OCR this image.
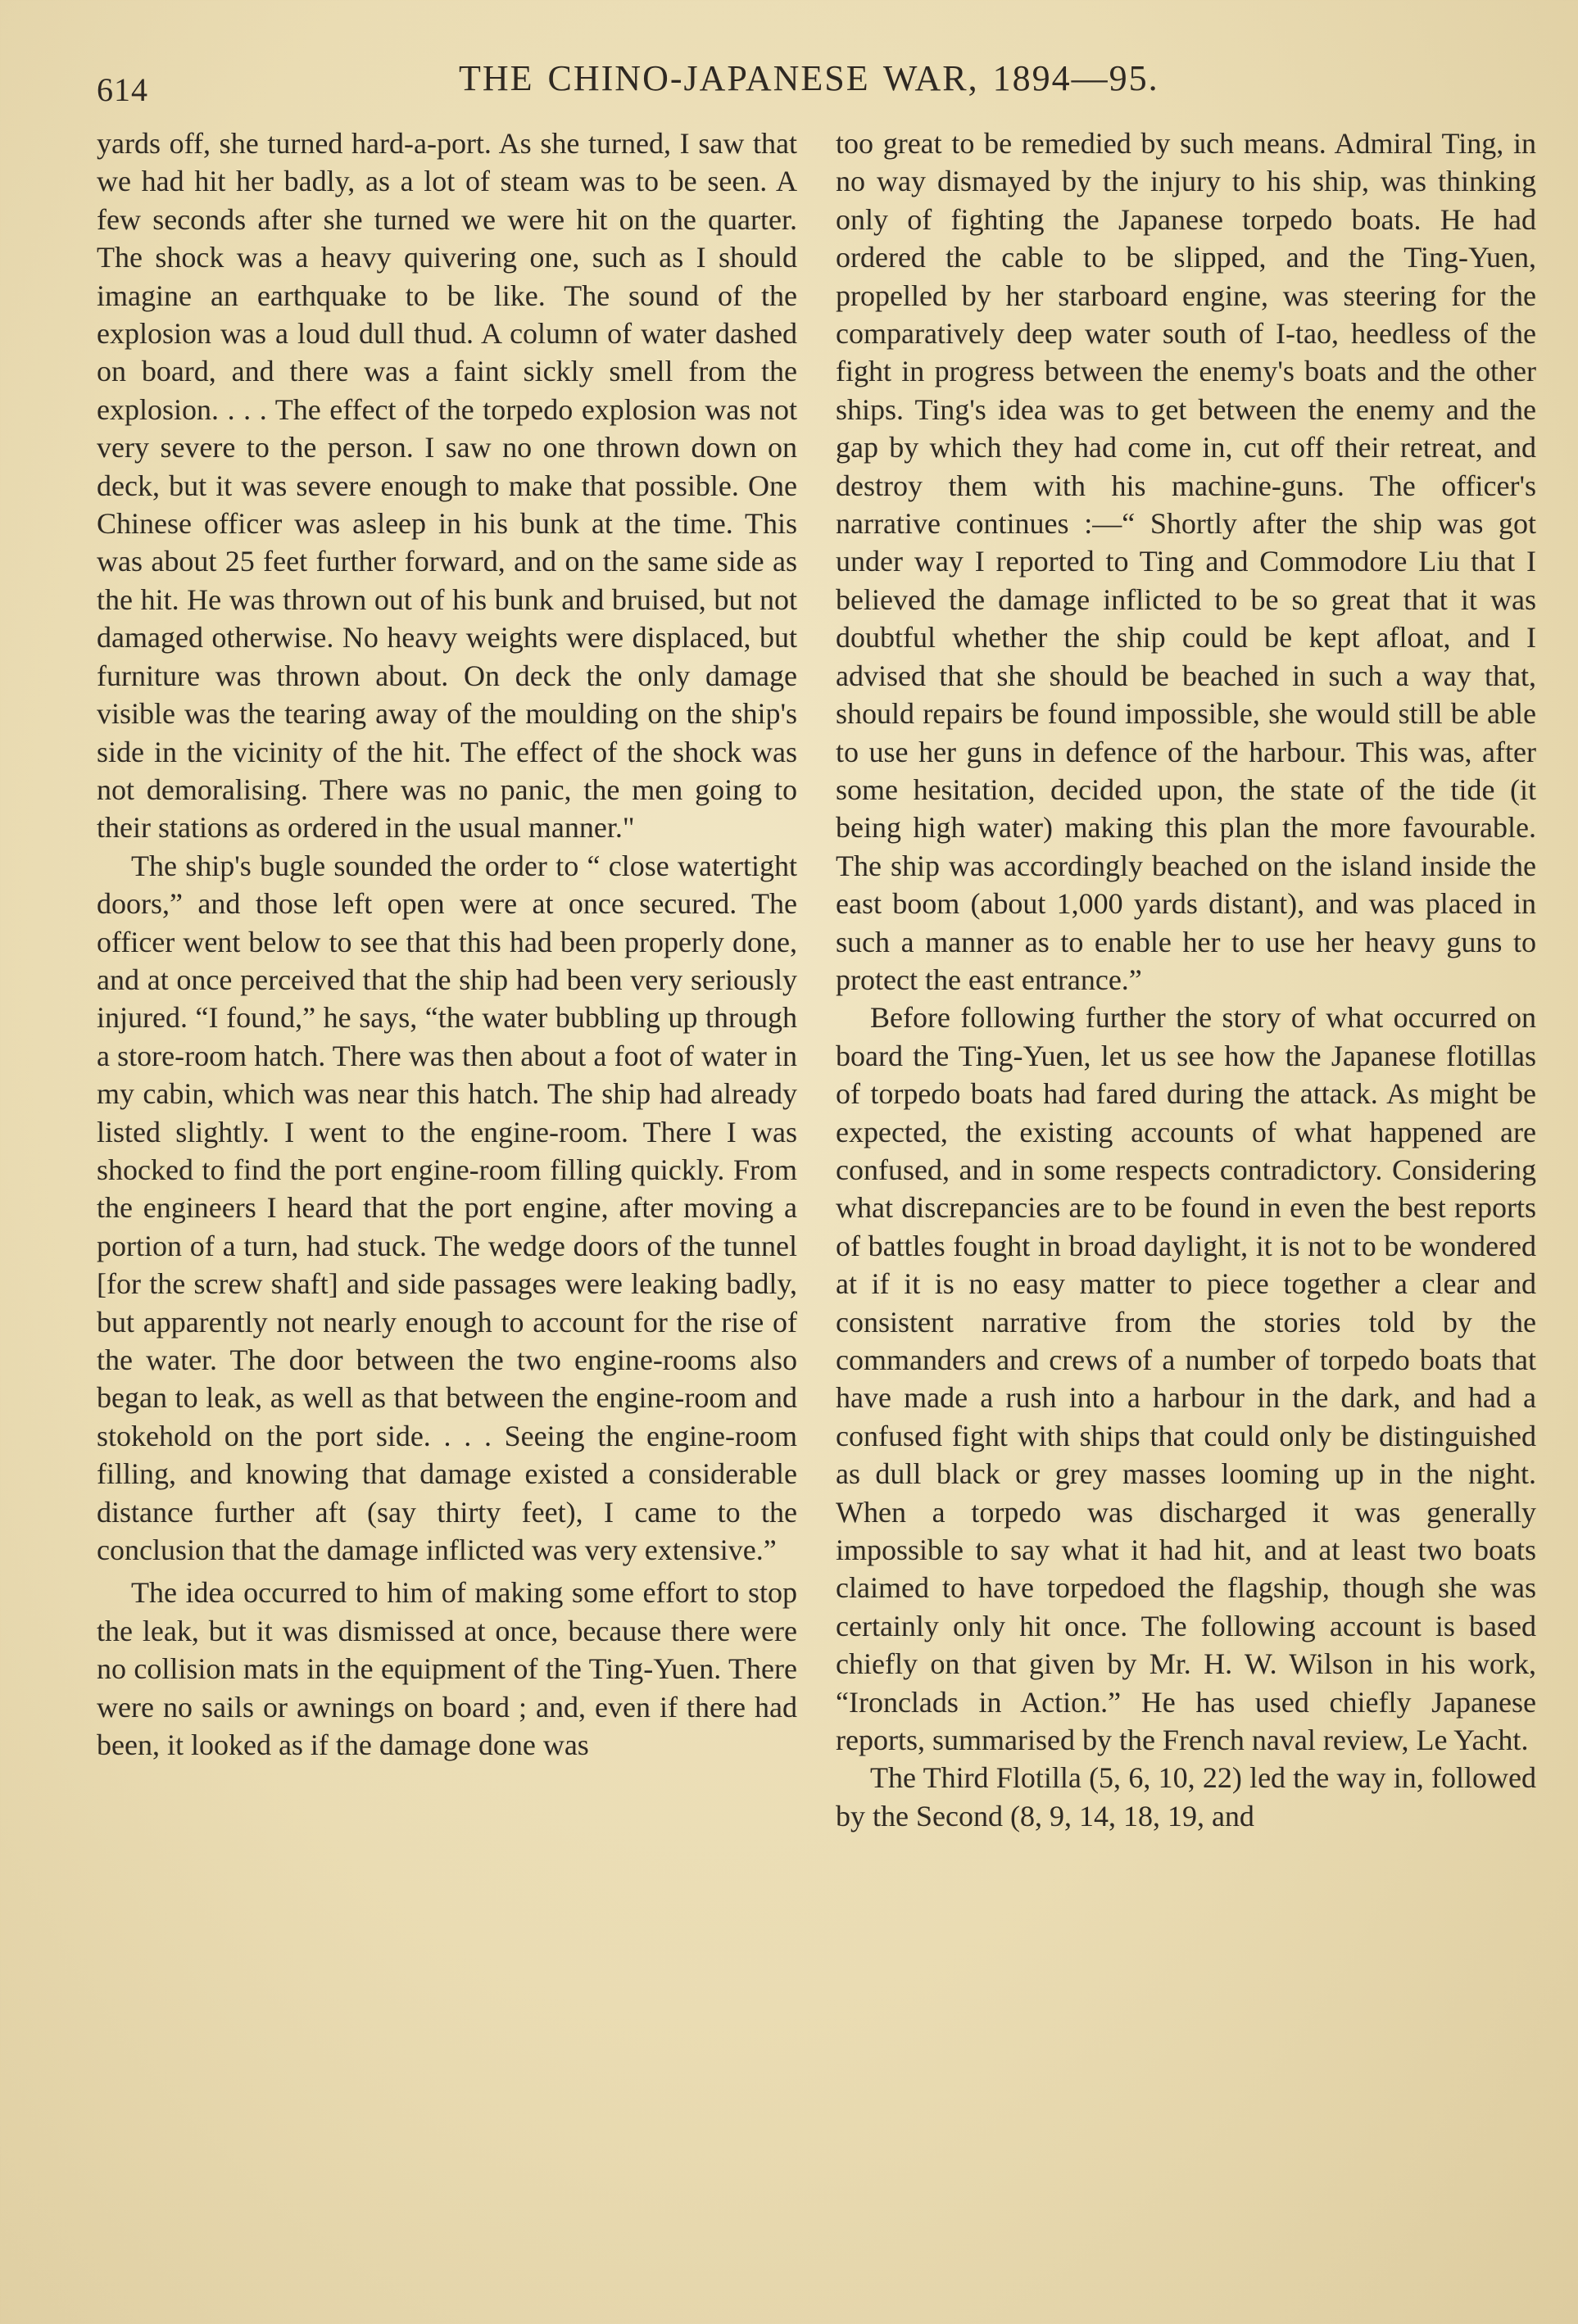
614	THE CHINO-JAPANESE WAR, 1894—95.

yards off, she turned hard-a-port. As she turned, I saw that we had hit her badly, as a lot of steam was to be seen. A few seconds after she turned we were hit on the quarter. The shock was a heavy quivering one, such as I should imagine an earthquake to be like. The sound of the explosion was a loud dull thud. A column of water dashed on board, and there was a faint sickly smell from the explosion. . . . The effect of the torpedo explosion was not very severe to the person. I saw no one thrown down on deck, but it was severe enough to make that possible. One Chinese officer was asleep in his bunk at the time. This was about 25 feet further forward, and on the same side as the hit. He was thrown out of his bunk and bruised, but not damaged otherwise. No heavy weights were displaced, but furniture was thrown about. On deck the only damage visible was the tearing away of the moulding on the ship's side in the vicinity of the hit. The effect of the shock was not demoralising. There was no panic, the men going to their stations as ordered in the usual manner."

The ship's bugle sounded the order to “ close watertight doors,” and those left open were at once secured. The officer went below to see that this had been properly done, and at once perceived that the ship had been very seriously injured. “I found,” he says, “the water bubbling up through a store-room hatch. There was then about a foot of water in my cabin, which was near this hatch. The ship had already listed slightly. I went to the engine-room. There I was shocked to find the port engine-room filling quickly. From the engineers I heard that the port engine, after moving a portion of a turn, had stuck. The wedge doors of the tunnel [for the screw shaft] and side passages were leaking badly, but apparently not nearly enough to account for the rise of the water. The door between the two engine-rooms also began to leak, as well as that between the engine-room and stokehold on the port side. . . . Seeing the engine-room filling, and knowing that damage existed a considerable distance further aft (say thirty feet), I came to the conclusion that the damage inflicted was very extensive.”

The idea occurred to him of making some effort to stop the leak, but it was dismissed at once, because there were no collision mats in the equipment of the Ting-Yuen. There were no sails or awnings on board ; and, even if there had been, it looked as if the damage done was

too great to be remedied by such means. Admiral Ting, in no way dismayed by the injury to his ship, was thinking only of fighting the Japanese torpedo boats. He had ordered the cable to be slipped, and the Ting-Yuen, propelled by her starboard engine, was steering for the comparatively deep water south of I-tao, heedless of the fight in progress between the enemy's boats and the other ships. Ting's idea was to get between the enemy and the gap by which they had come in, cut off their retreat, and destroy them with his machine-guns. The officer's narrative continues :—“ Shortly after the ship was got under way I reported to Ting and Commodore Liu that I believed the damage inflicted to be so great that it was doubtful whether the ship could be kept afloat, and I advised that she should be beached in such a way that, should repairs be found impossible, she would still be able to use her guns in defence of the harbour. This was, after some hesitation, decided upon, the state of the tide (it being high water) making this plan the more favourable. The ship was accordingly beached on the island inside the east boom (about 1,000 yards distant), and was placed in such a manner as to enable her to use her heavy guns to protect the east entrance.”

Before following further the story of what occurred on board the Ting-Yuen, let us see how the Japanese flotillas of torpedo boats had fared during the attack. As might be expected, the existing accounts of what happened are confused, and in some respects contradictory. Considering what discrepancies are to be found in even the best reports of battles fought in broad daylight, it is not to be wondered at if it is no easy matter to piece together a clear and consistent narrative from the stories told by the commanders and crews of a number of torpedo boats that have made a rush into a harbour in the dark, and had a confused fight with ships that could only be distinguished as dull black or grey masses looming up in the night. When a torpedo was discharged it was generally impossible to say what it had hit, and at least two boats claimed to have torpedoed the flagship, though she was certainly only hit once. The following account is based chiefly on that given by Mr. H. W. Wilson in his work, “Ironclads in Action.” He has used chiefly Japanese reports, summarised by the French naval review, Le Yacht.

The Third Flotilla (5, 6, 10, 22) led the way in, followed by the Second (8, 9, 14, 18, 19, and
